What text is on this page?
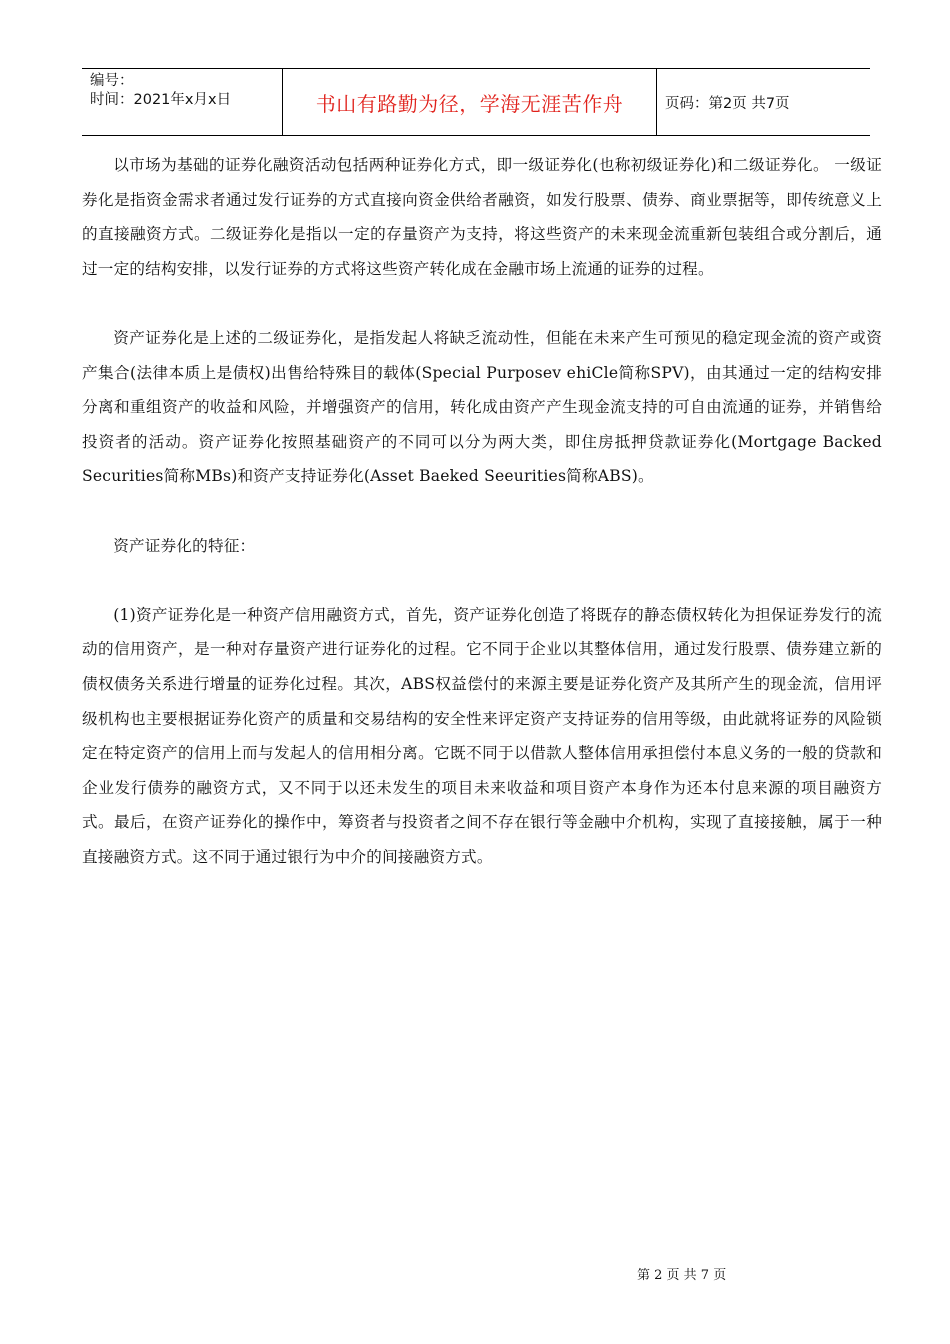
编号：
时间：2021年x月x日	书山有路勤为径，学海无涯苦作舟	页码：第2页 共7页

以市场为基础的证券化融资活动包括两种证券化方式，即一级证券化(也称初级证券化)和二级证券化。 一级证券化是指资金需求者通过发行证券的方式直接向资金供给者融资，如发行股票、债券、商业票据等，即传统意义上的直接融资方式。二级证券化是指以一定的存量资产为支持，将这些资产的未来现金流重新包装组合或分割后，通过一定的结构安排，以发行证券的方式将这些资产转化成在金融市场上流通的证券的过程。

资产证券化是上述的二级证券化，是指发起人将缺乏流动性，但能在未来产生可预见的稳定现金流的资产或资产集合(法律本质上是债权)出售给特殊目的载体(Special Purposev ehiCle简称SPV)，由其通过一定的结构安排分离和重组资产的收益和风险，并增强资产的信用，转化成由资产产生现金流支持的可自由流通的证券，并销售给投资者的活动。资产证券化按照基础资产的不同可以分为两大类，即住房抵押贷款证券化(Mortgage Backed Securities简称MBs)和资产支持证券化(Asset Baeked Seeurities简称ABS)。

资产证券化的特征：

(1)资产证券化是一种资产信用融资方式，首先，资产证券化创造了将既存的静态债权转化为担保证券发行的流动的信用资产，是一种对存量资产进行证券化的过程。它不同于企业以其整体信用，通过发行股票、债券建立新的债权债务关系进行增量的证券化过程。其次，ABS权益偿付的来源主要是证券化资产及其所产生的现金流，信用评级机构也主要根据证券化资产的质量和交易结构的安全性来评定资产支持证券的信用等级，由此就将证券的风险锁定在特定资产的信用上而与发起人的信用相分离。它既不同于以借款人整体信用承担偿付本息义务的一般的贷款和企业发行债券的融资方式，又不同于以还未发生的项目未来收益和项目资产本身作为还本付息来源的项目融资方式。最后，在资产证券化的操作中，筹资者与投资者之间不存在银行等金融中介机构，实现了直接接触，属于一种直接融资方式。这不同于通过银行为中介的间接融资方式。

第 2 页 共 7 页
